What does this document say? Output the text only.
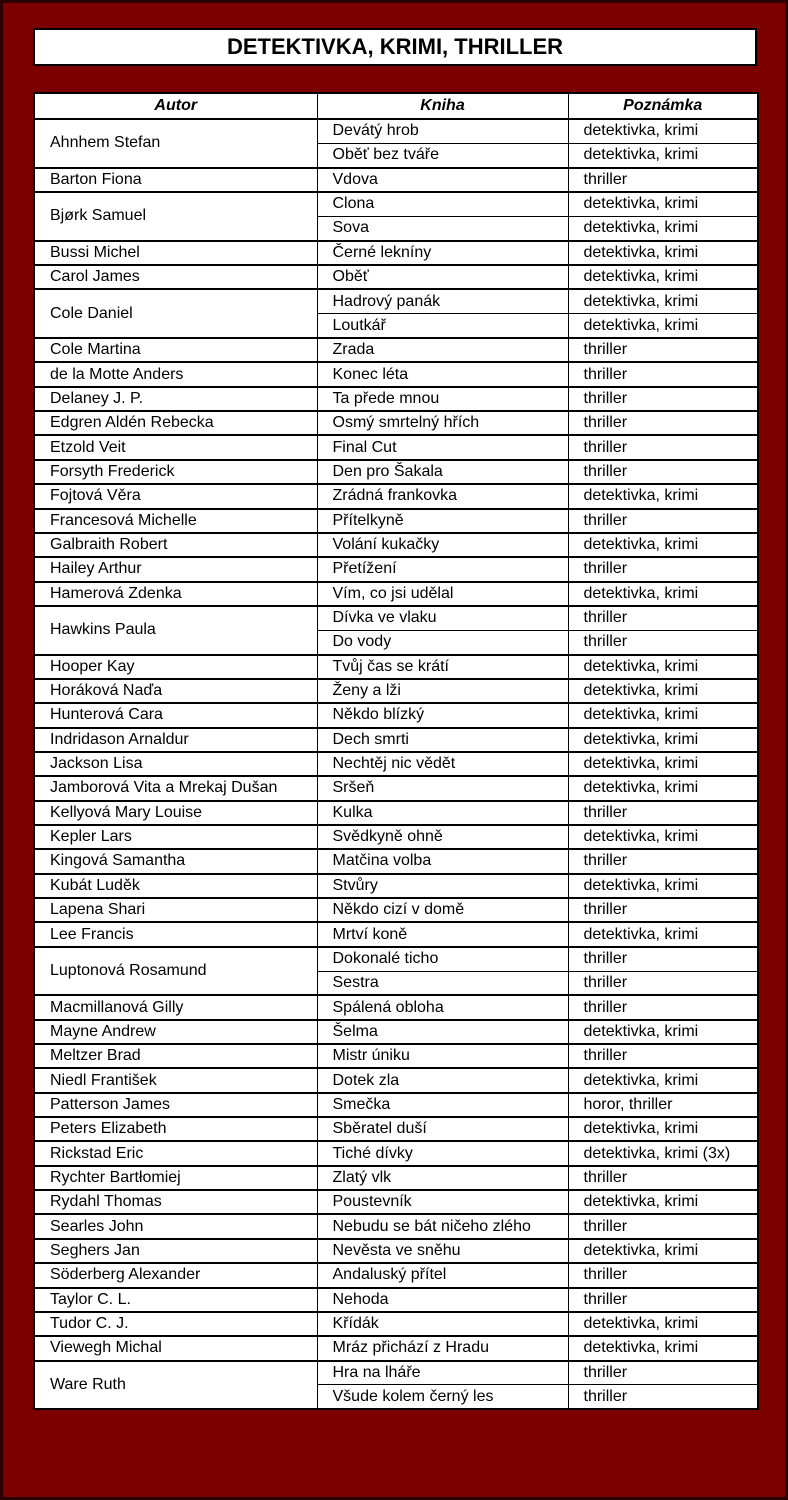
DETEKTIVKA, KRIMI, THRILLER
Autor	Kniha	Poznámka
Ahnhem Stefan	Devátý hrob	detektivka, krimi
	Oběť bez tváře	detektivka, krimi
Barton Fiona	Vdova	thriller
Bjørk Samuel	Clona	detektivka, krimi
	Sova	detektivka, krimi
Bussi Michel	Černé lekníny	detektivka, krimi
Carol James	Oběť	detektivka, krimi
Cole Daniel	Hadrový panák	detektivka, krimi
	Loutkář	detektivka, krimi
Cole Martina	Zrada	thriller
de la Motte Anders	Konec léta	thriller
Delaney J. P.	Ta přede mnou	thriller
Edgren Aldén Rebecka	Osmý smrtelný hřích	thriller
Etzold Veit	Final Cut	thriller
Forsyth Frederick	Den pro Šakala	thriller
Fojtová Věra	Zrádná frankovka	detektivka, krimi
Francesová Michelle	Přítelkyně	thriller
Galbraith Robert	Volání kukačky	detektivka, krimi
Hailey Arthur	Přetížení	thriller
Hamerová Zdenka	Vím, co jsi udělal	detektivka, krimi
Hawkins Paula	Dívka ve vlaku	thriller
	Do vody	thriller
Hooper Kay	Tvůj čas se krátí	detektivka, krimi
Horáková Naďa	Ženy a lži	detektivka, krimi
Hunterová Cara	Někdo blízký	detektivka, krimi
Indridason Arnaldur	Dech smrti	detektivka, krimi
Jackson Lisa	Nechtěj nic vědět	detektivka, krimi
Jamborová Vita a Mrekaj Dušan	Sršeň	detektivka, krimi
Kellyová Mary Louise	Kulka	thriller
Kepler Lars	Svědkyně ohně	detektivka, krimi
Kingová Samantha	Matčina volba	thriller
Kubát Luděk	Stvůry	detektivka, krimi
Lapena Shari	Někdo cizí v domě	thriller
Lee Francis	Mrtví koně	detektivka, krimi
Luptonová Rosamund	Dokonalé ticho	thriller
	Sestra	thriller
Macmillanová Gilly	Spálená obloha	thriller
Mayne Andrew	Šelma	detektivka, krimi
Meltzer Brad	Mistr úniku	thriller
Niedl František	Dotek zla	detektivka, krimi
Patterson James	Smečka	horor, thriller
Peters Elizabeth	Sběratel duší	detektivka, krimi
Rickstad Eric	Tiché dívky	detektivka, krimi (3x)
Rychter Bartłomiej	Zlatý vlk	thriller
Rydahl Thomas	Poustevník	detektivka, krimi
Searles John	Nebudu se bát ničeho zlého	thriller
Seghers Jan	Nevěsta ve sněhu	detektivka, krimi
Söderberg Alexander	Andaluský přítel	thriller
Taylor C. L.	Nehoda	thriller
Tudor C. J.	Křídák	detektivka, krimi
Viewegh Michal	Mráz přichází z Hradu	detektivka, krimi
Ware Ruth	Hra na lháře	thriller
	Všude kolem černý les	thriller
